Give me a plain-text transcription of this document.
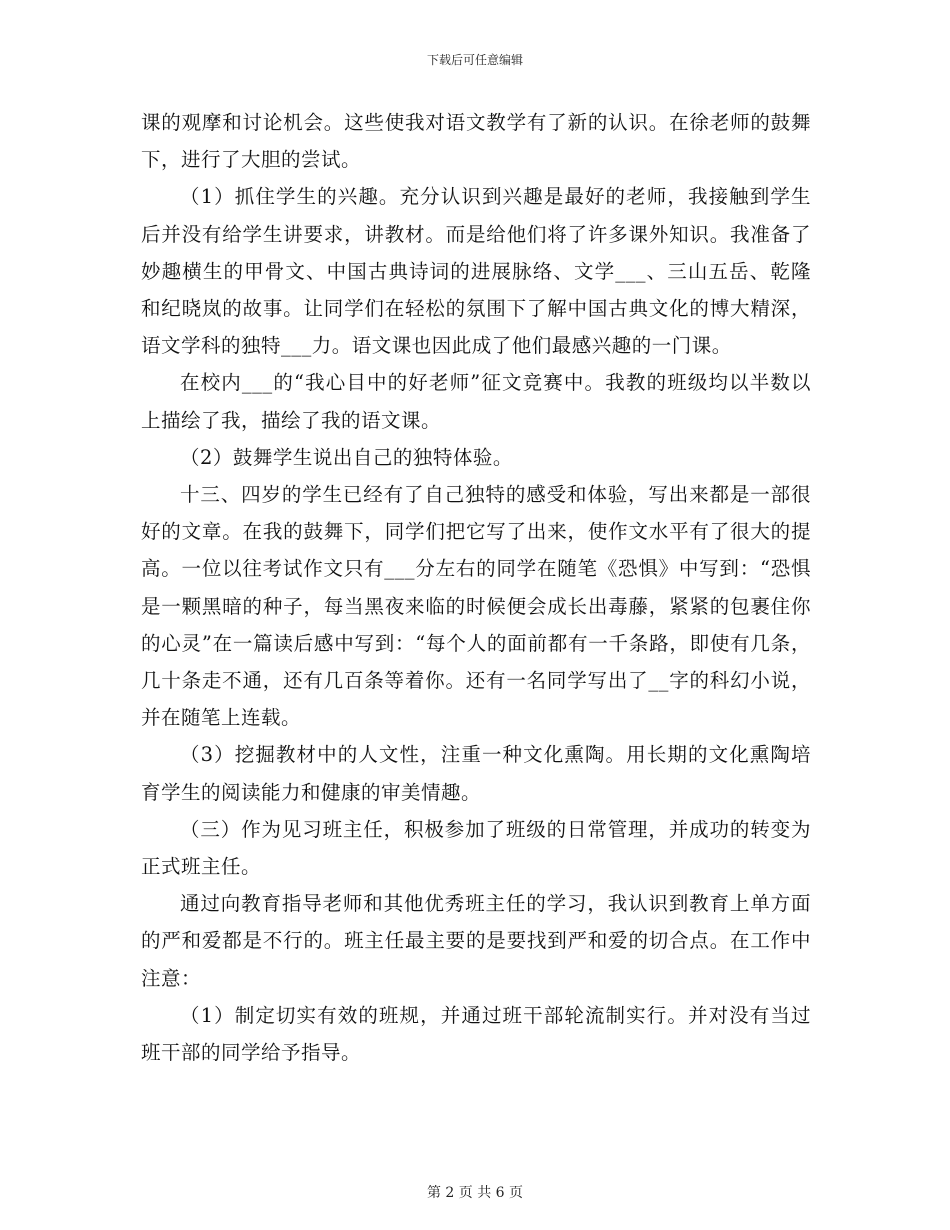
下载后可任意编辑

课的观摩和讨论机会。这些使我对语文教学有了新的认识。在徐老师的鼓舞下，进行了大胆的尝试。

（1）抓住学生的兴趣。充分认识到兴趣是最好的老师，我接触到学生后并没有给学生讲要求，讲教材。而是给他们将了许多课外知识。我准备了妙趣横生的甲骨文、中国古典诗词的进展脉络、文学___、三山五岳、乾隆和纪晓岚的故事。让同学们在轻松的氛围下了解中国古典文化的博大精深，语文学科的独特___力。语文课也因此成了他们最感兴趣的一门课。

在校内___的“我心目中的好老师”征文竞赛中。我教的班级均以半数以上描绘了我，描绘了我的语文课。

（2）鼓舞学生说出自己的独特体验。

十三、四岁的学生已经有了自己独特的感受和体验，写出来都是一部很好的文章。在我的鼓舞下，同学们把它写了出来，使作文水平有了很大的提高。一位以往考试作文只有___分左右的同学在随笔《恐惧》中写到：“恐惧是一颗黑暗的种子，每当黑夜来临的时候便会成长出毒藤，紧紧的包裹住你的心灵”在一篇读后感中写到：“每个人的面前都有一千条路，即使有几条，几十条走不通，还有几百条等着你。还有一名同学写出了__字的科幻小说，并在随笔上连载。

（3）挖掘教材中的人文性，注重一种文化熏陶。用长期的文化熏陶培育学生的阅读能力和健康的审美情趣。

（三）作为见习班主任，积极参加了班级的日常管理，并成功的转变为正式班主任。

通过向教育指导老师和其他优秀班主任的学习，我认识到教育上单方面的严和爱都是不行的。班主任最主要的是要找到严和爱的切合点。在工作中注意：

（1）制定切实有效的班规，并通过班干部轮流制实行。并对没有当过班干部的同学给予指导。

第 2 页 共 6 页
